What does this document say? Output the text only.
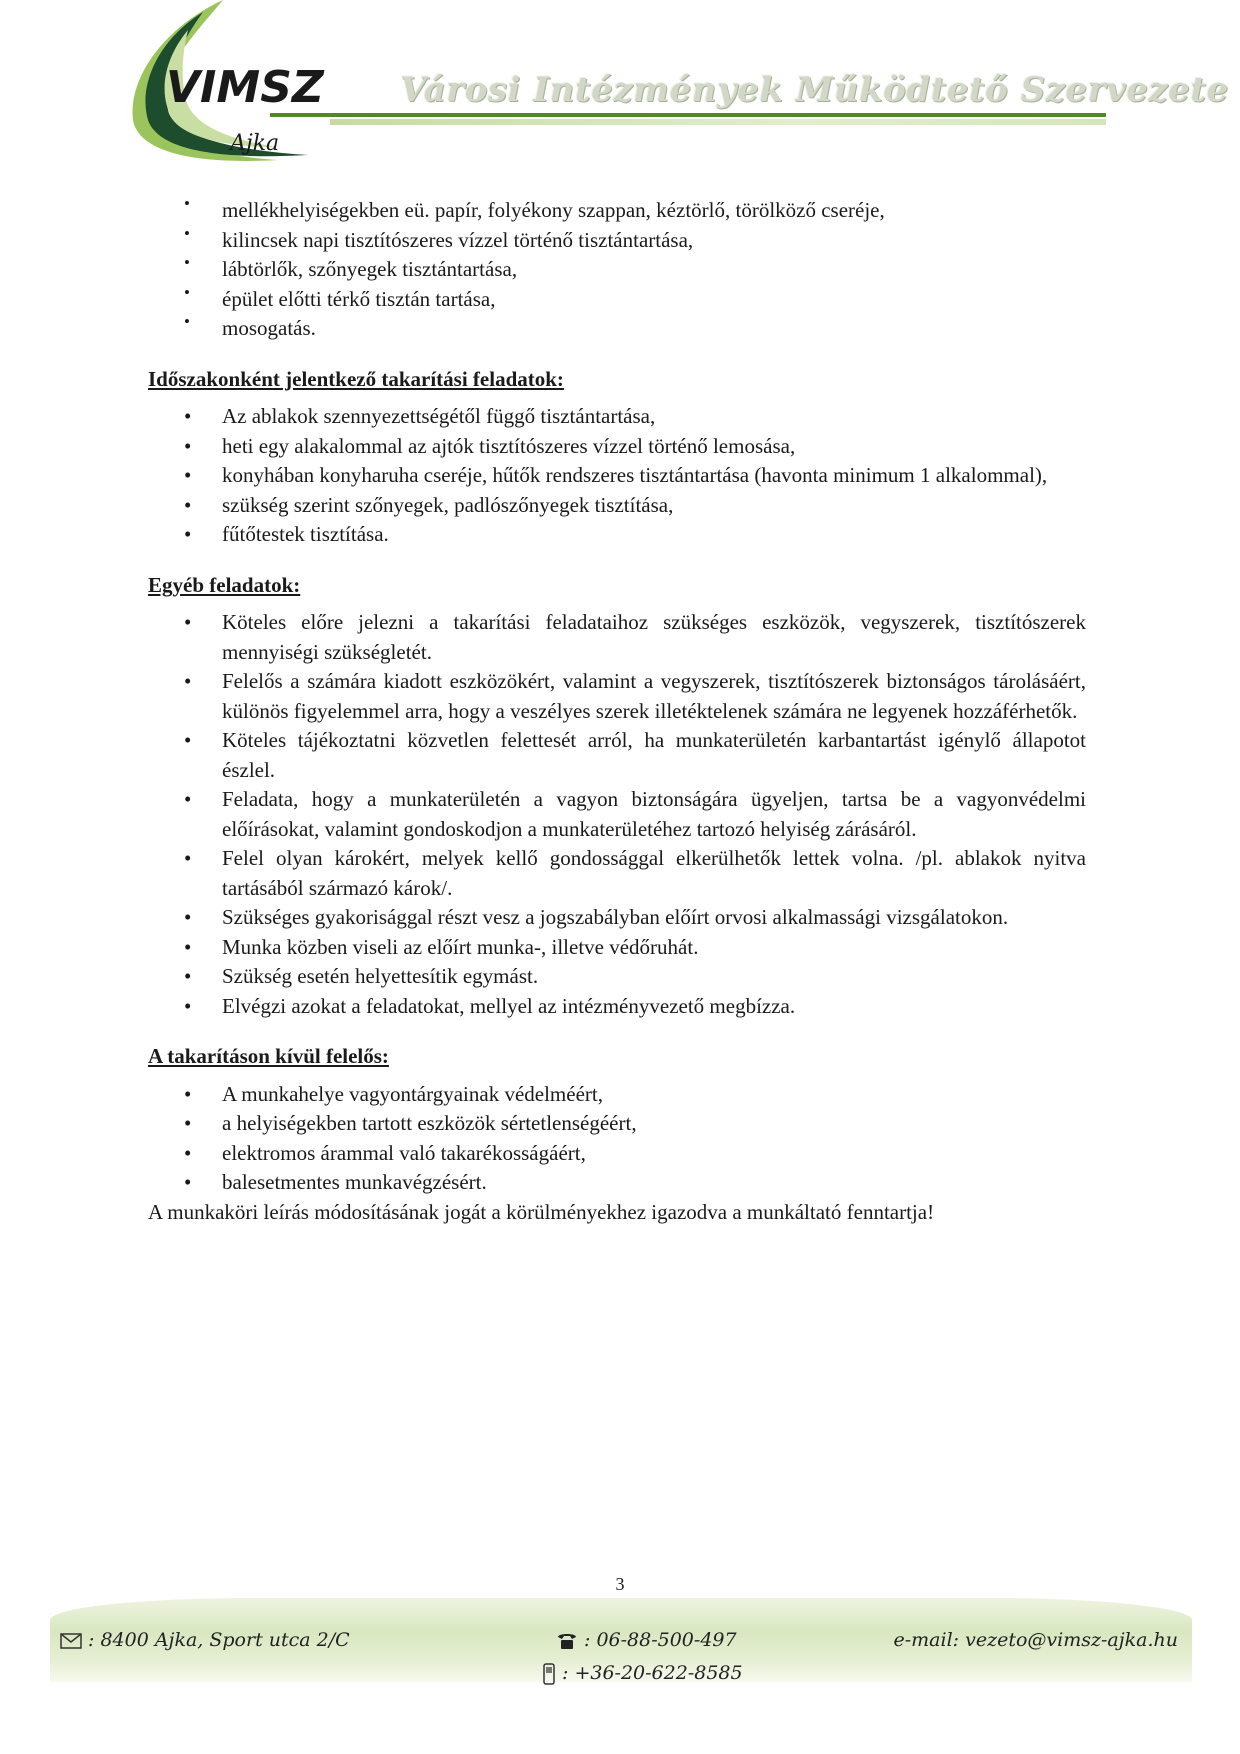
VIMSZ
Ajka
Városi Intézmények Működtető Szervezete
• mellékhelyiségekben eü. papír, folyékony szappan, kéztörlő, törölköző cseréje,
• kilincsek napi tisztítószeres vízzel történő tisztántartása,
• lábtörlők, szőnyegek tisztántartása,
• épület előtti térkő tisztán tartása,
• mosogatás.
Időszakonként jelentkező takarítási feladatok:
• Az ablakok szennyezettségétől függő tisztántartása,
• heti egy alakalommal az ajtók tisztítószeres vízzel történő lemosása,
• konyhában konyharuha cseréje, hűtők rendszeres tisztántartása (havonta minimum 1 alkalommal),
• szükség szerint szőnyegek, padlószőnyegek tisztítása,
• fűtőtestek tisztítása.
Egyéb feladatok:
• Köteles előre jelezni a takarítási feladataihoz szükséges eszközök, vegyszerek, tisztítószerek mennyiségi szükségletét.
• Felelős a számára kiadott eszközökért, valamint a vegyszerek, tisztítószerek biztonságos tárolásáért, különös figyelemmel arra, hogy a veszélyes szerek illetéktelenek számára ne legyenek hozzáférhetők.
• Köteles tájékoztatni közvetlen felettesét arról, ha munkaterületén karbantartást igénylő állapotot észlel.
• Feladata, hogy a munkaterületén a vagyon biztonságára ügyeljen, tartsa be a vagyonvédelmi előírásokat, valamint gondoskodjon a munkaterületéhez tartozó helyiség zárásáról.
• Felel olyan károkért, melyek kellő gondossággal elkerülhetők lettek volna. /pl. ablakok nyitva tartásából származó károk/.
• Szükséges gyakorisággal részt vesz a jogszabályban előírt orvosi alkalmassági vizsgálatokon.
• Munka közben viseli az előírt munka-, illetve védőruhát.
• Szükség esetén helyettesítik egymást.
• Elvégzi azokat a feladatokat, mellyel az intézményvezető megbízza.
A takarításon kívül felelős:
• A munkahelye vagyontárgyainak védelméért,
• a helyiségekben tartott eszközök sértetlenségéért,
• elektromos árammal való takarékosságáért,
• balesetmentes munkavégzésért.
A munkaköri leírás módosításának jogát a körülményekhez igazodva a munkáltató fenntartja!
3
: 8400 Ajka, Sport utca 2/C	: 06-88-500-497	e-mail: vezeto@vimsz-ajka.hu
: +36-20-622-8585
